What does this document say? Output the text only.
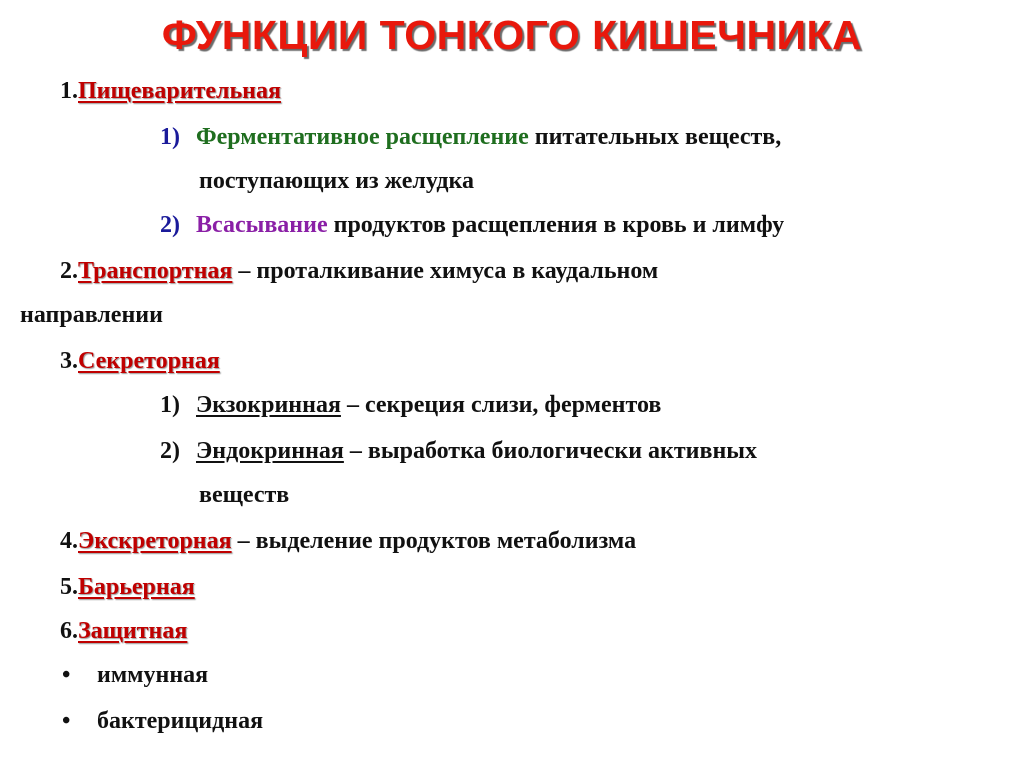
ФУНКЦИИ ТОНКОГО КИШЕЧНИКА
1.Пищеварительная
1) Ферментативное расщепление питательных веществ,
поступающих из желудка
2) Всасывание продуктов расщепления в кровь и лимфу
2.Транспортная – проталкивание химуса в каудальном
направлении
3.Секреторная
1) Экзокринная – секреция слизи, ферментов
2) Эндокринная – выработка биологически активных
веществ
4.Экскреторная – выделение продуктов метаболизма
5.Барьерная
6.Защитная
• иммунная
• бактерицидная
